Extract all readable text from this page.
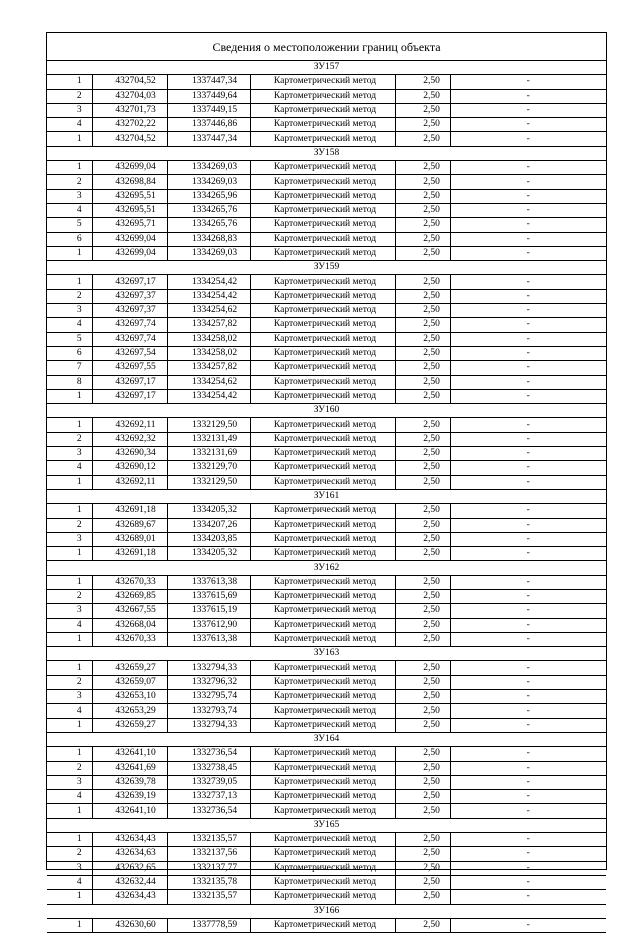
Сведения о местоположении границ объекта
ЗУ157					
1	432704,52	1337447,34	Картометрический метод	2,50	-
2	432704,03	1337449,64	Картометрический метод	2,50	-
3	432701,73	1337449,15	Картометрический метод	2,50	-
4	432702,22	1337446,86	Картометрический метод	2,50	-
1	432704,52	1337447,34	Картометрический метод	2,50	-
ЗУ158					
1	432699,04	1334269,03	Картометрический метод	2,50	-
2	432698,84	1334269,03	Картометрический метод	2,50	-
3	432695,51	1334265,96	Картометрический метод	2,50	-
4	432695,51	1334265,76	Картометрический метод	2,50	-
5	432695,71	1334265,76	Картометрический метод	2,50	-
6	432699,04	1334268,83	Картометрический метод	2,50	-
1	432699,04	1334269,03	Картометрический метод	2,50	-
ЗУ159					
1	432697,17	1334254,42	Картометрический метод	2,50	-
2	432697,37	1334254,42	Картометрический метод	2,50	-
3	432697,37	1334254,62	Картометрический метод	2,50	-
4	432697,74	1334257,82	Картометрический метод	2,50	-
5	432697,74	1334258,02	Картометрический метод	2,50	-
6	432697,54	1334258,02	Картометрический метод	2,50	-
7	432697,55	1334257,82	Картометрический метод	2,50	-
8	432697,17	1334254,62	Картометрический метод	2,50	-
1	432697,17	1334254,42	Картометрический метод	2,50	-
ЗУ160					
1	432692,11	1332129,50	Картометрический метод	2,50	-
2	432692,32	1332131,49	Картометрический метод	2,50	-
3	432690,34	1332131,69	Картометрический метод	2,50	-
4	432690,12	1332129,70	Картометрический метод	2,50	-
1	432692,11	1332129,50	Картометрический метод	2,50	-
ЗУ161					
1	432691,18	1334205,32	Картометрический метод	2,50	-
2	432689,67	1334207,26	Картометрический метод	2,50	-
3	432689,01	1334203,85	Картометрический метод	2,50	-
1	432691,18	1334205,32	Картометрический метод	2,50	-
ЗУ162					
1	432670,33	1337613,38	Картометрический метод	2,50	-
2	432669,85	1337615,69	Картометрический метод	2,50	-
3	432667,55	1337615,19	Картометрический метод	2,50	-
4	432668,04	1337612,90	Картометрический метод	2,50	-
1	432670,33	1337613,38	Картометрический метод	2,50	-
ЗУ163					
1	432659,27	1332794,33	Картометрический метод	2,50	-
2	432659,07	1332796,32	Картометрический метод	2,50	-
3	432653,10	1332795,74	Картометрический метод	2,50	-
4	432653,29	1332793,74	Картометрический метод	2,50	-
1	432659,27	1332794,33	Картометрический метод	2,50	-
ЗУ164					
1	432641,10	1332736,54	Картометрический метод	2,50	-
2	432641,69	1332738,45	Картометрический метод	2,50	-
3	432639,78	1332739,05	Картометрический метод	2,50	-
4	432639,19	1332737,13	Картометрический метод	2,50	-
1	432641,10	1332736,54	Картометрический метод	2,50	-
ЗУ165					
1	432634,43	1332135,57	Картометрический метод	2,50	-
2	432634,63	1332137,56	Картометрический метод	2,50	-
3	432632,65	1332137,77	Картометрический метод	2,50	-
4	432632,44	1332135,78	Картометрический метод	2,50	-
1	432634,43	1332135,57	Картометрический метод	2,50	-
ЗУ166					
1	432630,60	1337778,59	Картометрический метод	2,50	-
